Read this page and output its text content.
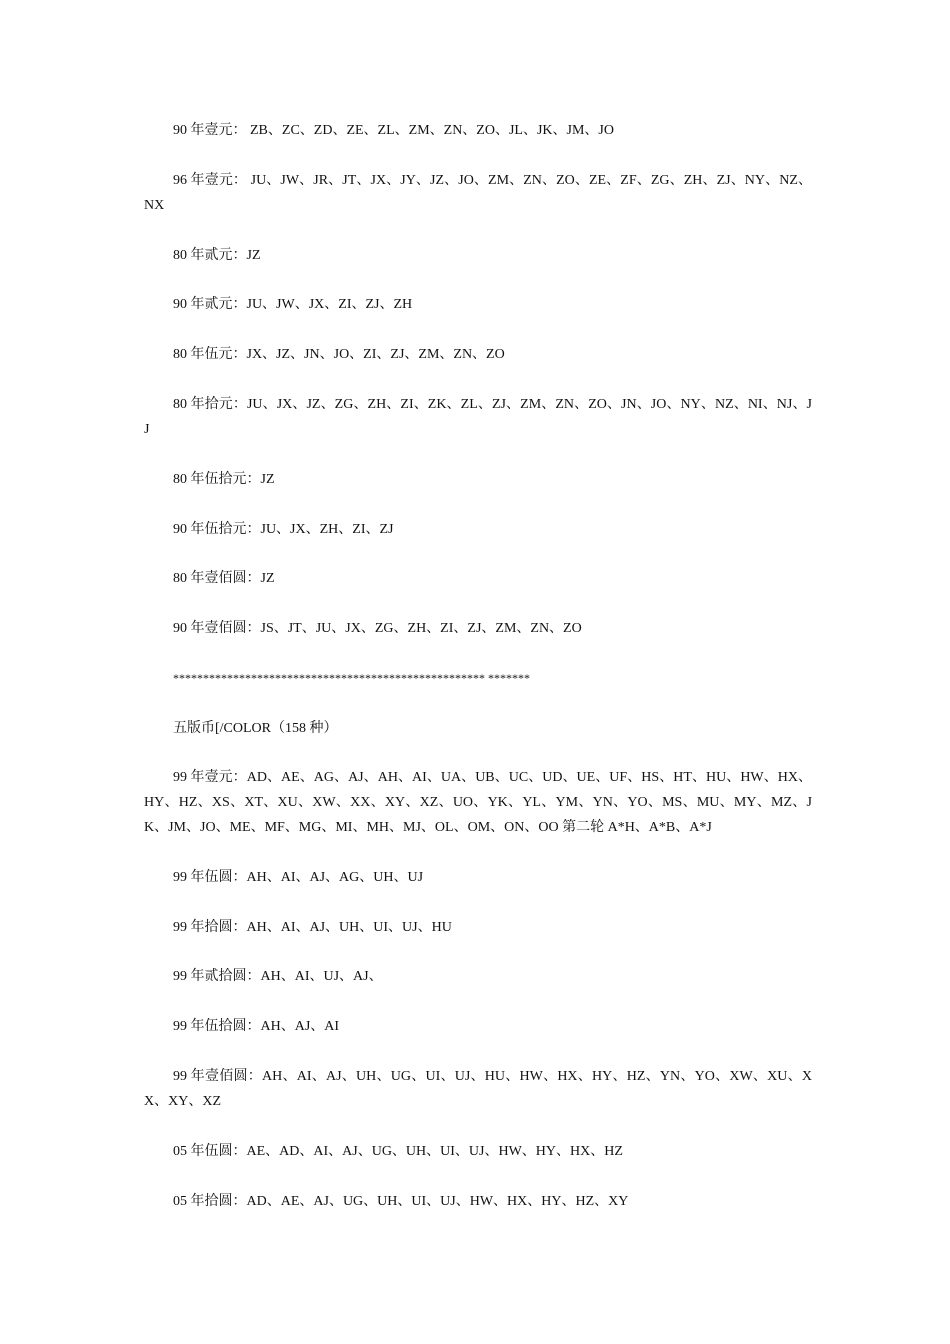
90 年壹元： ZB、ZC、ZD、ZE、ZL、ZM、ZN、ZO、JL、JK、JM、JO

96 年壹元： JU、JW、JR、JT、JX、JY、JZ、JO、ZM、ZN、ZO、ZE、ZF、ZG、ZH、ZJ、NY、NZ、NX

80 年贰元：JZ

90 年贰元：JU、JW、JX、ZI、ZJ、ZH

80 年伍元：JX、JZ、JN、JO、ZI、ZJ、ZM、ZN、ZO

80 年拾元：JU、JX、JZ、ZG、ZH、ZI、ZK、ZL、ZJ、ZM、ZN、ZO、JN、JO、NY、NZ、NI、NJ、JJ

80 年伍拾元：JZ

90 年伍拾元：JU、JX、ZH、ZI、ZJ

80 年壹佰圆：JZ

90 年壹佰圆：JS、JT、JU、JX、ZG、ZH、ZI、ZJ、ZM、ZN、ZO

**************************************************** *******

五版币[/COLOR（158 种）

99 年壹元：AD、AE、AG、AJ、AH、AI、UA、UB、UC、UD、UE、UF、HS、HT、HU、HW、HX、HY、HZ、XS、XT、XU、XW、XX、XY、XZ、UO、YK、YL、YM、YN、YO、MS、MU、MY、MZ、JK、JM、JO、ME、MF、MG、MI、MH、MJ、OL、OM、ON、OO 第二轮 A*H、A*B、A*J

99 年伍圆：AH、AI、AJ、AG、UH、UJ

99 年拾圆：AH、AI、AJ、UH、UI、UJ、HU

99 年贰拾圆：AH、AI、UJ、AJ、

99 年伍拾圆：AH、AJ、AI

99 年壹佰圆：AH、AI、AJ、UH、UG、UI、UJ、HU、HW、HX、HY、HZ、YN、YO、XW、XU、XX、XY、XZ

05 年伍圆：AE、AD、AI、AJ、UG、UH、UI、UJ、HW、HY、HX、HZ

05 年拾圆：AD、AE、AJ、UG、UH、UI、UJ、HW、HX、HY、HZ、XY
